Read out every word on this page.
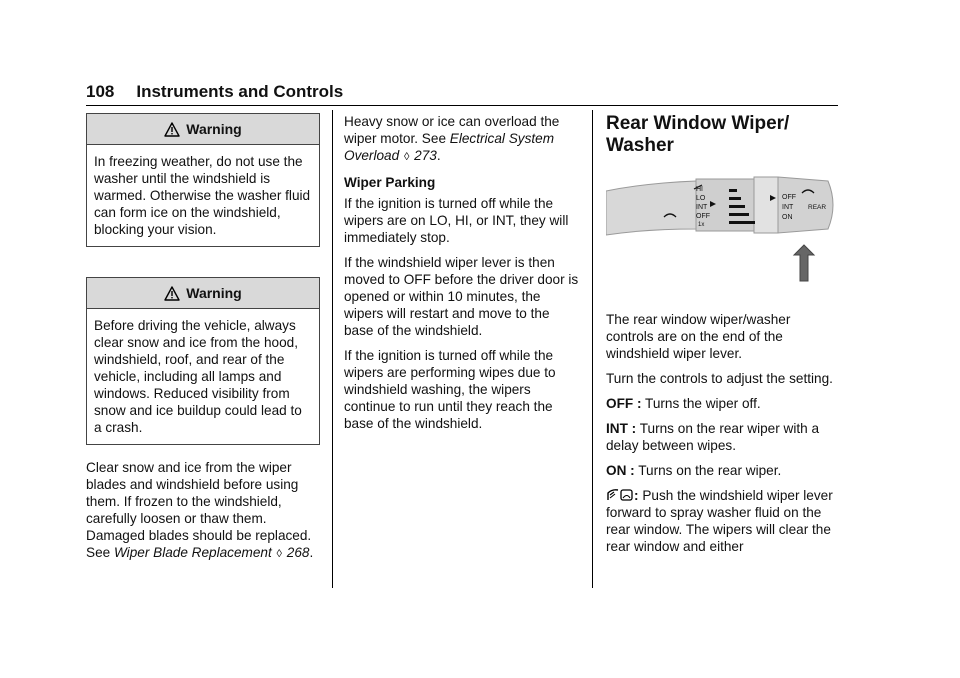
108 Instruments and Controls
Warning

In freezing weather, do not use the washer until the windshield is warmed. Otherwise the washer fluid can form ice on the windshield, blocking your vision.

Warning

Before driving the vehicle, always clear snow and ice from the hood, windshield, roof, and rear of the vehicle, including all lamps and windows. Reduced visibility from snow and ice buildup could lead to a crash.

Clear snow and ice from the wiper blades and windshield before using them. If frozen to the windshield, carefully loosen or thaw them. Damaged blades should be replaced. See Wiper Blade Replacement ◊ 268.

Heavy snow or ice can overload the wiper motor. See Electrical System Overload ◊ 273.

Wiper Parking

If the ignition is turned off while the wipers are on LO, HI, or INT, they will immediately stop.

If the windshield wiper lever is then moved to OFF before the driver door is opened or within 10 minutes, the wipers will restart and move to the base of the windshield.

If the ignition is turned off while the wipers are performing wipes due to windshield washing, the wipers continue to run until they reach the base of the windshield.

Rear Window Wiper/ Washer
HI
LO
INT
OFF
1x
OFF
INT
ON
REAR

The rear window wiper/washer controls are on the end of the windshield wiper lever.

Turn the controls to adjust the setting.

OFF : Turns the wiper off.

INT : Turns on the rear wiper with a delay between wipes.

ON : Turns on the rear wiper.

: Push the windshield wiper lever forward to spray washer fluid on the rear window. The wipers will clear the rear window and either
